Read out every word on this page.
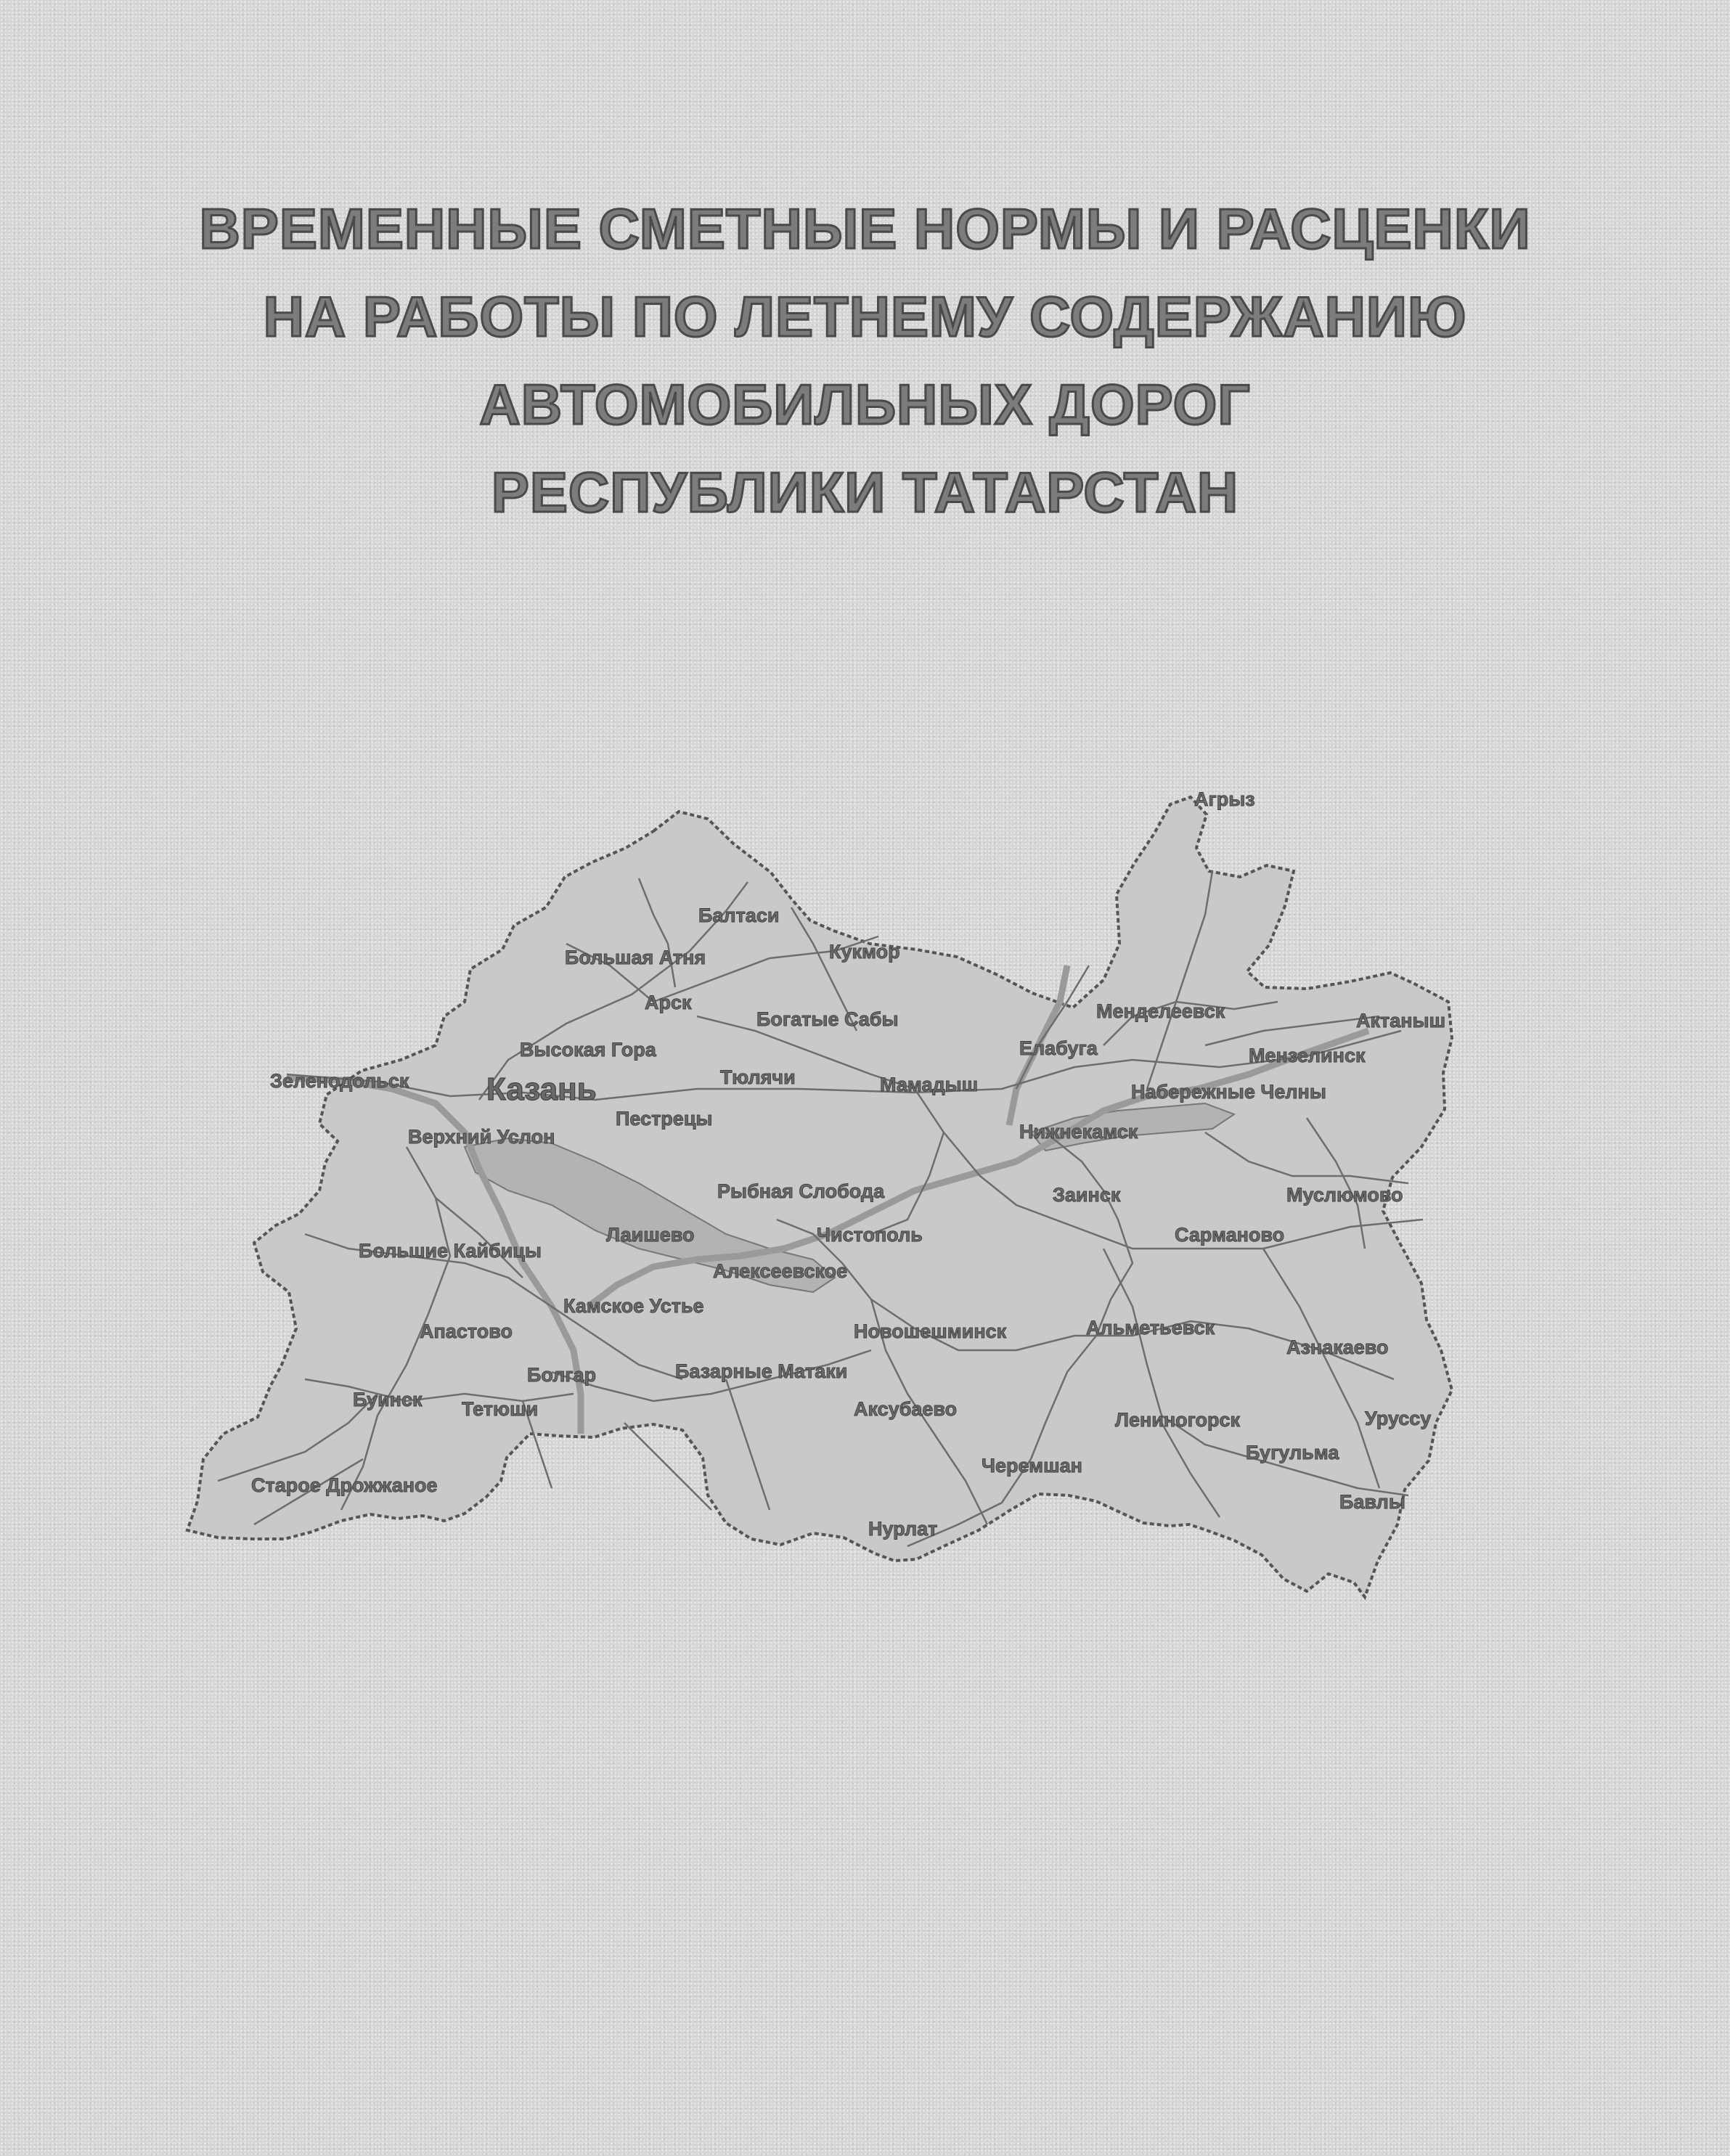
ВРЕМЕННЫЕ СМЕТНЫЕ НОРМЫ И РАСЦЕНКИ
НА РАБОТЫ ПО ЛЕТНЕМУ СОДЕРЖАНИЮ
АВТОМОБИЛЬНЫХ ДОРОГ
РЕСПУБЛИКИ ТАТАРСТАН
Агрыз
Балтаси
Большая Атня	Кукмор
Арск
Богатые Сабы	Менделеевск	Актаныш
Высокая Гора	Елабуга	Мензелинск
Зеленодольск Казань	Тюлячи	Мамадыш	Набережные Челны
Пестрецы
Верхний Услон	Нижнекамск
Рыбная Слобода	Заинск	Муслюмово
Лаишево	Чистополь	Сарманово
Большие Кайбицы
Алексеевское
Камское Устье
Апастово	Новошешминск	Альметьевск
Азнакаево
Болгар	Базарные Матаки
Буинск Тетюши	Аксубаево	Лениногорск	Уруссу
Бугульма
Черемшан
Старое Дрожжаное
Бавлы
Нурлат
